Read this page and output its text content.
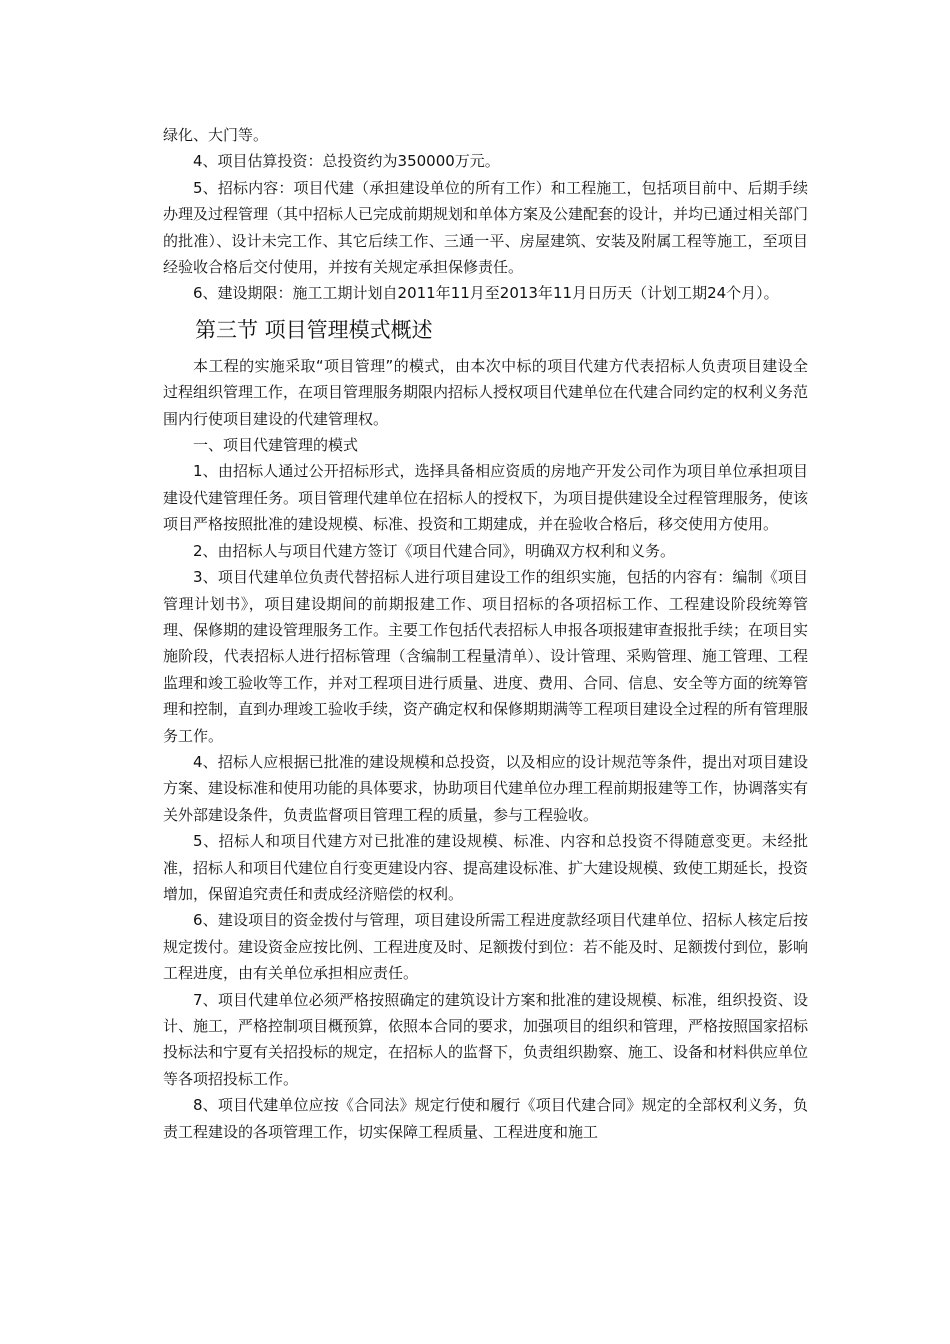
绿化、大门等。

4、项目估算投资：总投资约为350000万元。

5、招标内容：项目代建（承担建设单位的所有工作）和工程施工，包括项目前中、后期手续办理及过程管理（其中招标人已完成前期规划和单体方案及公建配套的设计，并均已通过相关部门的批准）、设计未完工作、其它后续工作、三通一平、房屋建筑、安装及附属工程等施工，至项目经验收合格后交付使用，并按有关规定承担保修责任。

6、建设期限：施工工期计划自2011年11月至2013年11月日历天（计划工期24个月）。

第三节 项目管理模式概述

本工程的实施采取“项目管理”的模式，由本次中标的项目代建方代表招标人负责项目建设全过程组织管理工作，在项目管理服务期限内招标人授权项目代建单位在代建合同约定的权利义务范围内行使项目建设的代建管理权。

一、项目代建管理的模式

1、由招标人通过公开招标形式，选择具备相应资质的房地产开发公司作为项目单位承担项目建设代建管理任务。项目管理代建单位在招标人的授权下，为项目提供建设全过程管理服务，使该项目严格按照批准的建设规模、标准、投资和工期建成，并在验收合格后，移交使用方使用。

2、由招标人与项目代建方签订《项目代建合同》，明确双方权利和义务。

3、项目代建单位负责代替招标人进行项目建设工作的组织实施，包括的内容有：编制《项目管理计划书》，项目建设期间的前期报建工作、项目招标的各项招标工作、工程建设阶段统筹管理、保修期的建设管理服务工作。主要工作包括代表招标人申报各项报建审查报批手续；在项目实施阶段，代表招标人进行招标管理（含编制工程量清单）、设计管理、采购管理、施工管理、工程监理和竣工验收等工作，并对工程项目进行质量、进度、费用、合同、信息、安全等方面的统筹管理和控制，直到办理竣工验收手续，资产确定权和保修期期满等工程项目建设全过程的所有管理服务工作。

4、招标人应根据已批准的建设规模和总投资，以及相应的设计规范等条件，提出对项目建设方案、建设标准和使用功能的具体要求，协助项目代建单位办理工程前期报建等工作，协调落实有关外部建设条件，负责监督项目管理工程的质量，参与工程验收。

5、招标人和项目代建方对已批准的建设规模、标准、内容和总投资不得随意变更。未经批准，招标人和项目代建位自行变更建设内容、提高建设标准、扩大建设规模、致使工期延长，投资增加，保留追究责任和责成经济赔偿的权利。

6、建设项目的资金拨付与管理，项目建设所需工程进度款经项目代建单位、招标人核定后按规定拨付。建设资金应按比例、工程进度及时、足额拨付到位：若不能及时、足额拨付到位，影响工程进度，由有关单位承担相应责任。

7、项目代建单位必须严格按照确定的建筑设计方案和批准的建设规模、标准，组织投资、设计、施工，严格控制项目概预算，依照本合同的要求，加强项目的组织和管理，严格按照国家招标投标法和宁夏有关招投标的规定，在招标人的监督下，负责组织勘察、施工、设备和材料供应单位等各项招投标工作。

8、项目代建单位应按《合同法》规定行使和履行《项目代建合同》规定的全部权利义务，负责工程建设的各项管理工作，切实保障工程质量、工程进度和施工
